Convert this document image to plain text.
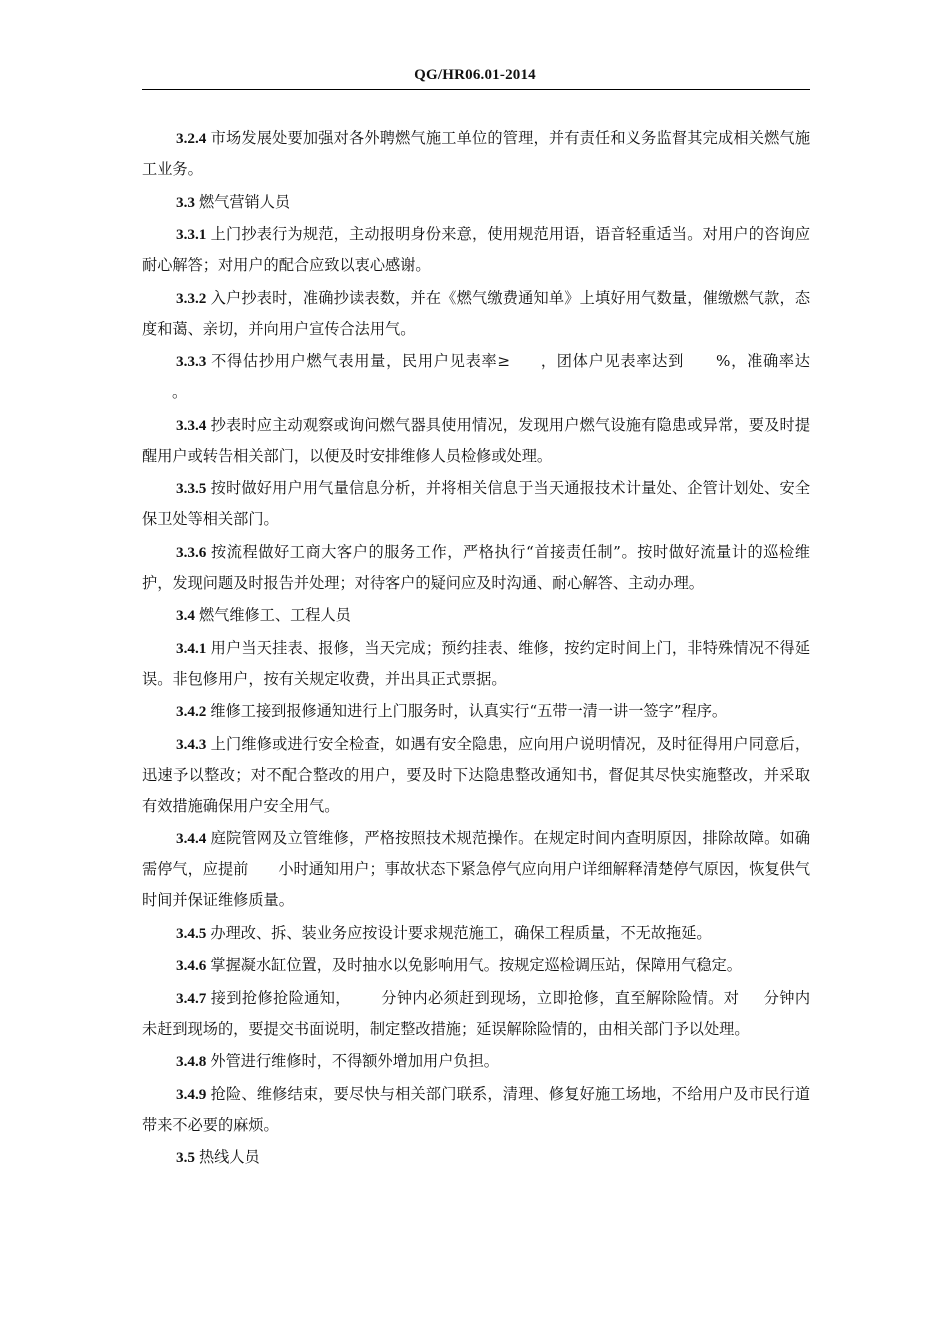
QG/HR06.01-2014

3.2.4 市场发展处要加强对各外聘燃气施工单位的管理，并有责任和义务监督其完成相关燃气施工业务。

3.3 燃气营销人员

3.3.1 上门抄表行为规范，主动报明身份来意，使用规范用语，语音轻重适当。对用户的咨询应耐心解答；对用户的配合应致以衷心感谢。

3.3.2 入户抄表时，准确抄读表数，并在《燃气缴费通知单》上填好用气数量，催缴燃气款，态度和蔼、亲切，并向用户宣传合法用气。

3.3.3 不得估抄用户燃气表用量，民用户见表率≥ ，团体户见表率达到 %，准确率达。

3.3.4 抄表时应主动观察或询问燃气器具使用情况，发现用户燃气设施有隐患或异常，要及时提醒用户或转告相关部门，以便及时安排维修人员检修或处理。

3.3.5 按时做好用户用气量信息分析，并将相关信息于当天通报技术计量处、企管计划处、安全保卫处等相关部门。

3.3.6 按流程做好工商大客户的服务工作，严格执行“首接责任制”。按时做好流量计的巡检维护，发现问题及时报告并处理；对待客户的疑问应及时沟通、耐心解答、主动办理。

3.4 燃气维修工、工程人员

3.4.1 用户当天挂表、报修，当天完成；预约挂表、维修，按约定时间上门，非特殊情况不得延误。非包修用户，按有关规定收费，并出具正式票据。

3.4.2 维修工接到报修通知进行上门服务时，认真实行“五带一清一讲一签字”程序。

3.4.3 上门维修或进行安全检查，如遇有安全隐患，应向用户说明情况，及时征得用户同意后，迅速予以整改；对不配合整改的用户，要及时下达隐患整改通知书，督促其尽快实施整改，并采取有效措施确保用户安全用气。

3.4.4 庭院管网及立管维修，严格按照技术规范操作。在规定时间内查明原因，排除故障。如确需停气，应提前 小时通知用户；事故状态下紧急停气应向用户详细解释清楚停气原因，恢复供气时间并保证维修质量。

3.4.5 办理改、拆、装业务应按设计要求规范施工，确保工程质量，不无故拖延。

3.4.6 掌握凝水缸位置，及时抽水以免影响用气。按规定巡检调压站，保障用气稳定。

3.4.7 接到抢修抢险通知， 分钟内必须赶到现场，立即抢修，直至解除险情。对 分钟内未赶到现场的，要提交书面说明，制定整改措施；延误解除险情的，由相关部门予以处理。

3.4.8 外管进行维修时，不得额外增加用户负担。

3.4.9 抢险、维修结束，要尽快与相关部门联系，清理、修复好施工场地，不给用户及市民行道带来不必要的麻烦。

3.5 热线人员
